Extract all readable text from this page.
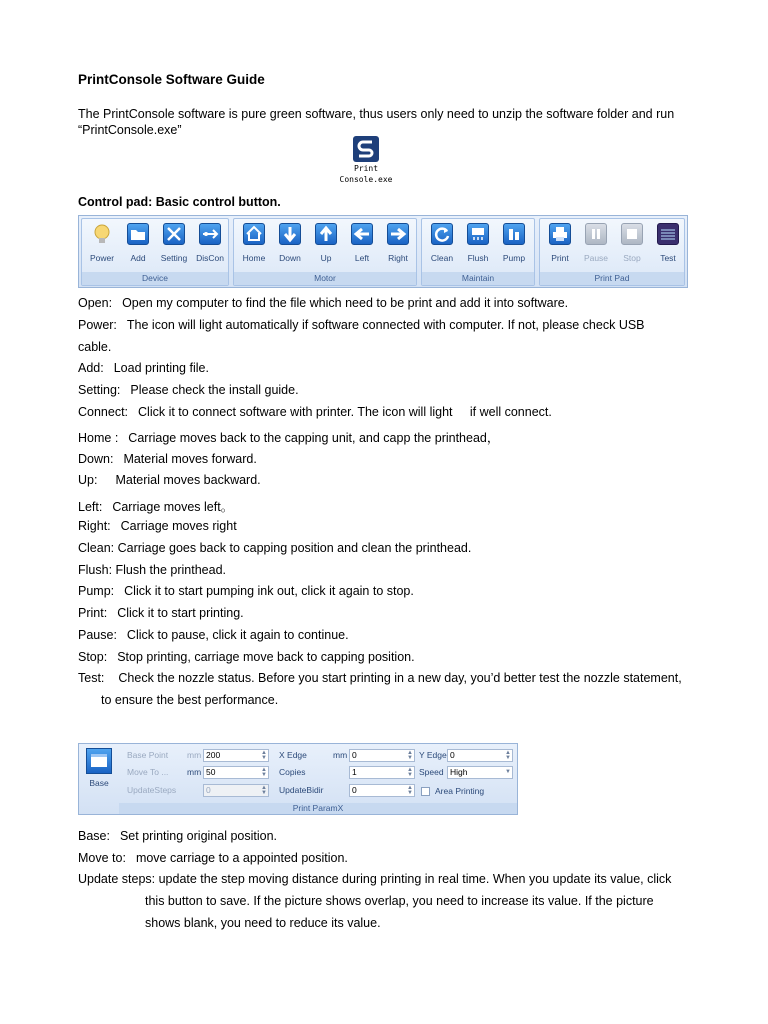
PrintConsole Software Guide
The PrintConsole software is pure green software, thus users only need to unzip the software folder and run “PrintConsole.exe”
Print
Console.exe
Control pad: Basic control button.
Power	Add	Setting	DisCon
Device
Home	Down	Up	Left	Right
Motor
Clean	Flush	Pump
Maintain
Print	Pause	Stop	Test
Print Pad
Open: Open my computer to find the file which need to be print and add it into software.
Power: The icon will light automatically if software connected with computer. If not, please check USB
cable.
Add: Load printing file.
Setting: Please check the install guide.
Connect: Click it to connect software with printer. The icon will light     if well connect.
Home : Carriage moves back to the capping unit, and capp the printhead，
Down: Material moves forward.
Up: Material moves backward.
Left: Carriage moves left。
Right: Carriage moves right
Clean: Carriage goes back to capping position and clean the printhead.
Flush: Flush the printhead.
Pump: Click it to start pumping ink out, click it again to stop.
Print: Click it to start printing.
Pause: Click to pause, click it again to continue.
Stop: Stop printing, carriage move back to capping position.
Test: Check the nozzle status. Before you start printing in a new day, you’d better test the nozzle statement,
to ensure the best performance.
Base
Base Point mm 200	▲
▼
Move To ... mm 50	▲
▼
UpdateSteps	0	▲
▼
X Edge	mm 0	▲
▼
Copies	1	▲
▼
UpdateBidir	0	▲
▼
Y Edge 0	▲
▼
Speed High	▼
Area Printing
Print ParamX
Base: Set printing original position.
Move to: move carriage to a appointed position.
Update steps: update the step moving distance during printing in real time. When you update its value, click
this button to save. If the picture shows overlap, you need to increase its value. If the picture
shows blank, you need to reduce its value.
